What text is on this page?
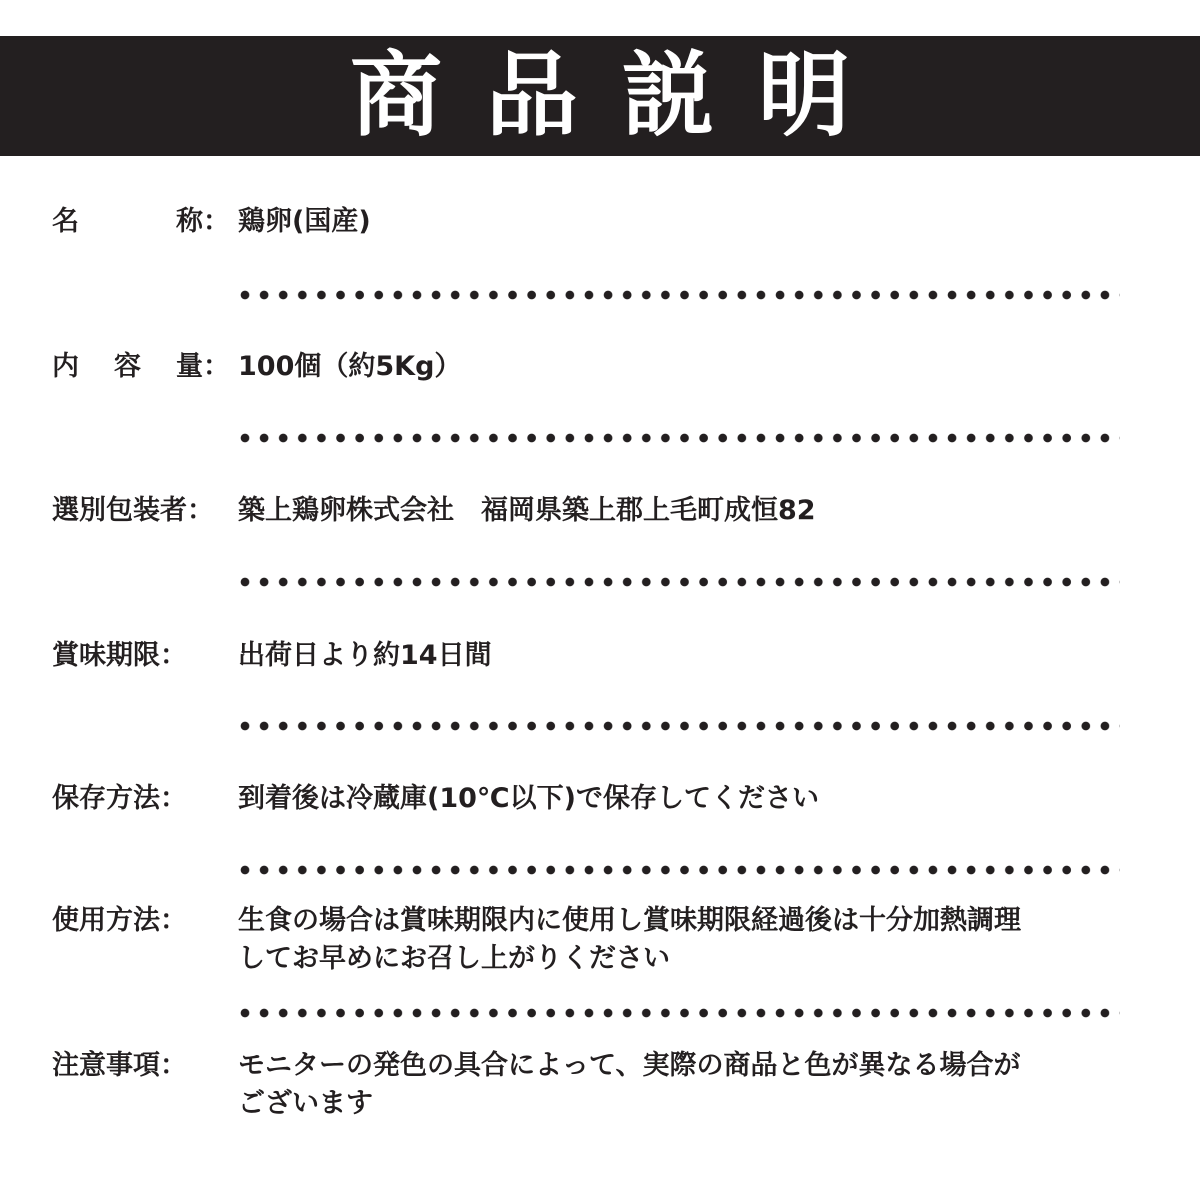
商品説明
名	称： 鶏卵(国産)
内 容 量： 100個（約5Kg）
選別包装者： 築上鶏卵株式会社　福岡県築上郡上毛町成恒82
賞味期限：	出荷日より約14日間
保存方法：	到着後は冷蔵庫(10℃以下)で保存してください
使用方法：	生食の場合は賞味期限内に使用し賞味期限経過後は十分加熱調理
してお早めにお召し上がりください
注意事項：	モニターの発色の具合によって、実際の商品と色が異なる場合が
ございます
